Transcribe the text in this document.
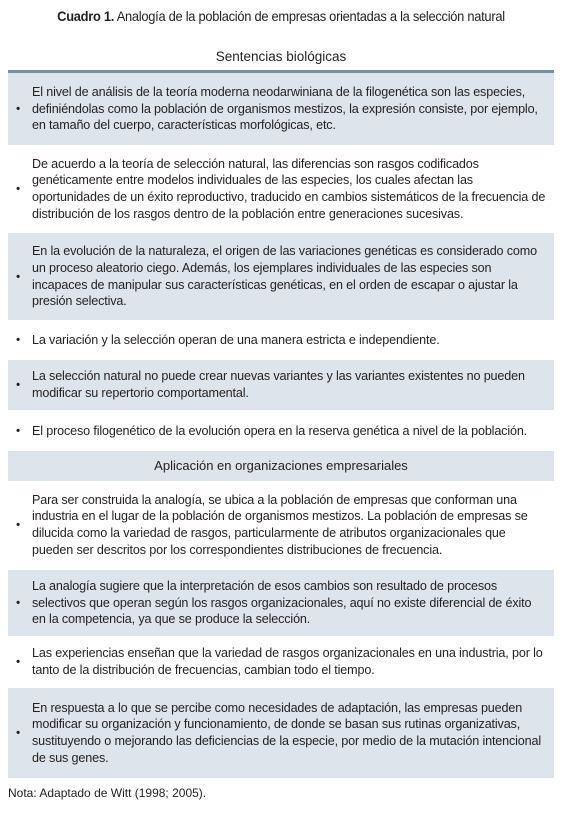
Cuadro 1. Analogía de la población de empresas orientadas a la selección natural
Sentencias biológicas
•
El nivel de análisis de la teoría moderna neodarwiniana de la filogenética son las especies, definiéndolas como la población de organismos mestizos, la expresión consiste, por ejemplo, en tamaño del cuerpo, características morfológicas, etc.
•
De acuerdo a la teoría de selección natural, las diferencias son rasgos codificados genéticamente entre modelos individuales de las especies, los cuales afectan las oportunidades de un éxito reproductivo, traducido en cambios sistemáticos de la frecuencia de distribución de los rasgos dentro de la población entre generaciones sucesivas.
•
En la evolución de la naturaleza, el origen de las variaciones genéticas es considerado como un proceso aleatorio ciego. Además, los ejemplares individuales de las especies son incapaces de manipular sus características genéticas, en el orden de escapar o ajustar la presión selectiva.
• La variación y la selección operan de una manera estricta e independiente.
•
La selección natural no puede crear nuevas variantes y las variantes existentes no pueden modificar su repertorio comportamental.
• El proceso filogenético de la evolución opera en la reserva genética a nivel de la población.
Aplicación en organizaciones empresariales
•
Para ser construida la analogía, se ubica a la población de empresas que conforman una industria en el lugar de la población de organismos mestizos. La población de empresas se dilucida como la variedad de rasgos, particularmente de atributos organizacionales que pueden ser descritos por los correspondientes distribuciones de frecuencia.
•
La analogía sugiere que la interpretación de esos cambios son resultado de procesos selectivos que operan según los rasgos organizacionales, aquí no existe diferencial de éxito en la competencia, ya que se produce la selección.
•
Las experiencias enseñan que la variedad de rasgos organizacionales en una industria, por lo tanto de la distribución de frecuencias, cambian todo el tiempo.
•
En respuesta a lo que se percibe como necesidades de adaptación, las empresas pueden modificar su organización y funcionamiento, de donde se basan sus rutinas organizativas, sustituyendo o mejorando las deficiencias de la especie, por medio de la mutación intencional de sus genes.
Nota: Adaptado de Witt (1998; 2005).
